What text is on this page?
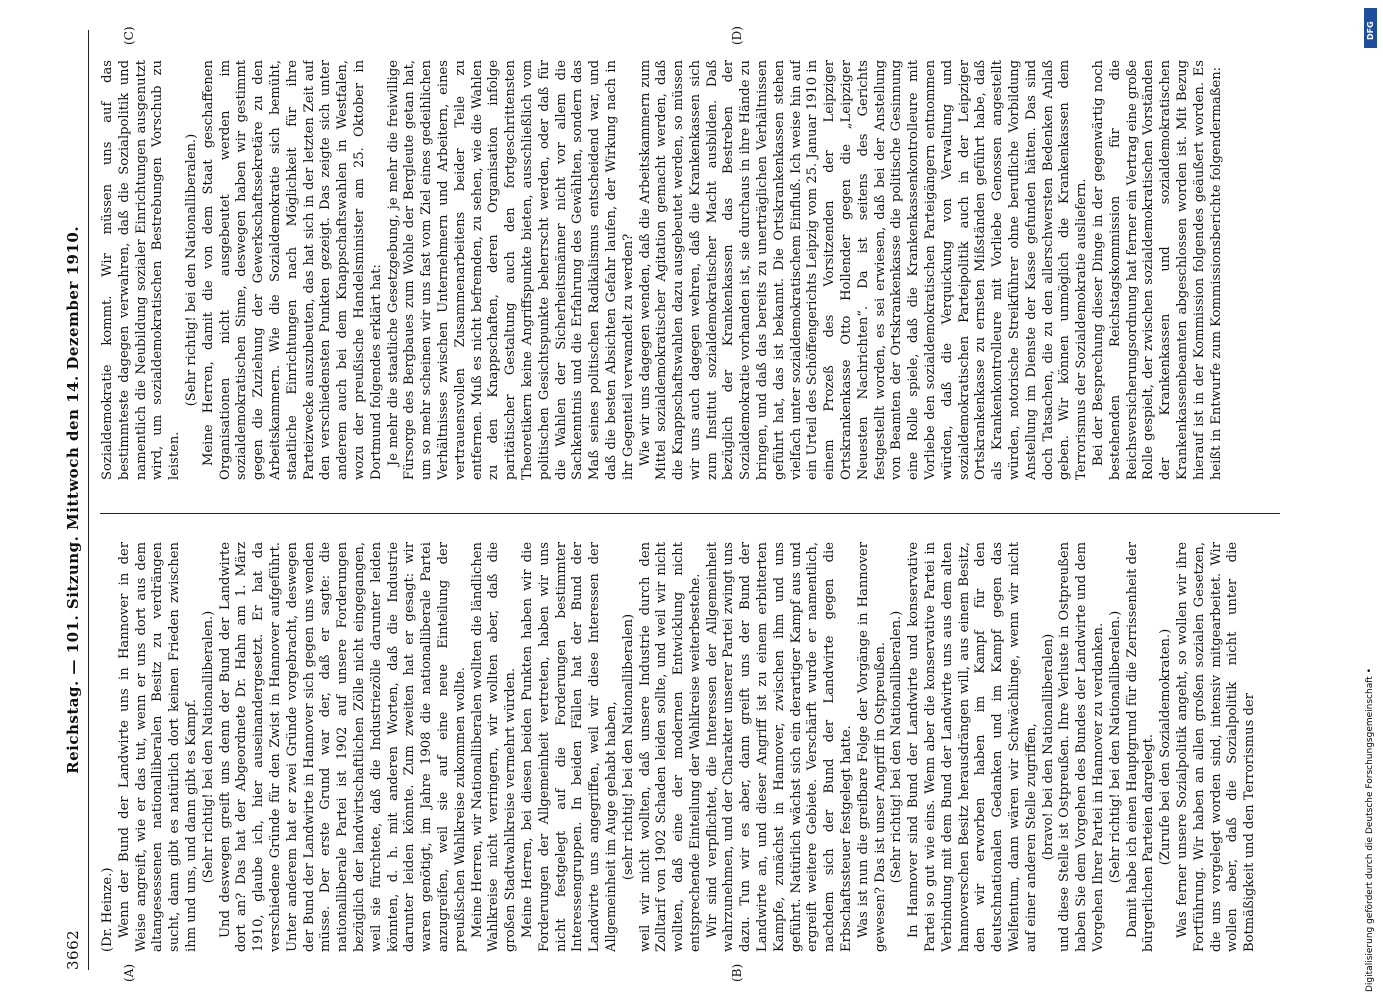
3662
Reichstag. — 101. Sitzung. Mittwoch den 14. Dezember 1910.
(A)	(B)
(C)	(D)

(Dr. Heinze.) Wenn der Bund der Landwirte uns in Hannover in der Weise angreift, wie er das tut, wenn er uns dort aus dem altangesessenen nationalliberalen Besitz zu verdrängen sucht, dann gibt es natürlich dort keinen Frieden zwischen ihm und uns, und dann gibt es Kampf. (Sehr richtig! bei den Nationalliberalen.) Und deswegen greift uns denn der Bund der Landwirte dort an? Das hat der Abgeordnete Dr. Hahn am 1. März 1910, glaube ich, hier auseinandergesetzt. Er hat da verschiedene Gründe für den Zwist in Hannover aufgeführt. Unter anderem hat er zwei Gründe vorgebracht, deswegen der Bund der Landwirte in Hannover sich gegen uns wenden müsse. Der erste Grund war der, daß er sagte: die nationalliberale Partei ist 1902 auf unsere Forderungen bezüglich der landwirtschaftlichen Zölle nicht eingegangen, weil sie fürchtete, daß die Industriezölle darunter leiden könnten, d. h. mit anderen Worten, daß die Industrie darunter leiden könnte. Zum zweiten hat er gesagt: wir waren genötigt, im Jahre 1908 die nationalliberale Partei anzugreifen, weil sie auf eine neue Einteilung der preußischen Wahlkreise zukommen wollte. Meine Herren, wir Nationalliberalen wollten die ländlichen Wahlkreise nicht verringern, wir wollten aber, daß die großen Stadtwahlkreise vermehrt würden. Meine Herren, bei diesen beiden Punkten haben wir die Forderungen der Allgemeinheit vertreten, haben wir uns nicht festgelegt auf die Forderungen bestimmter Interessengruppen. In beiden Fällen hat der Bund der Landwirte uns angegriffen, weil wir diese Interessen der Allgemeinheit im Auge gehabt haben, (sehr richtig! bei den Nationalliberalen) weil wir nicht wollten, daß unsere Industrie durch den Zolltarif von 1902 Schaden leiden sollte, und weil wir nicht wollten, daß eine der modernen Entwicklung nicht entsprechende Einteilung der Wahlkreise weiterbestehe. Wir sind verpflichtet, die Interessen der Allgemeinheit wahrzunehmen, und der Charakter unserer Partei zwingt uns dazu. Tun wir es aber, dann greift uns der Bund der Landwirte an, und dieser Angriff ist zu einem erbitterten Kampfe, zunächst in Hannover, zwischen ihm und uns geführt. Natürlich wächst sich ein derartiger Kampf aus und ergreift weitere Gebiete. Verschärft wurde er namentlich, nachdem sich der Bund der Landwirte gegen die Erbschaftssteuer festgelegt hatte. Was ist nun die greifbare Folge der Vorgänge in Hannover gewesen? Das ist unser Angriff in Ostpreußen. (Sehr richtig! bei den Nationalliberalen.) In Hannover sind Bund der Landwirte und konservative Partei so gut wie eins. Wenn aber die konservative Partei in Verbindung mit dem Bund der Landwirte uns aus dem alten hannoverschen Besitz herausdrängen will, aus einem Besitz, den wir erworben haben im Kampf für den deutschnationalen Gedanken und im Kampf gegen das Welfentum, dann wären wir Schwächlinge, wenn wir nicht auf einer anderen Stelle zugriffen, (bravo! bei den Nationalliberalen) und diese Stelle ist Ostpreußen. Ihre Verluste in Ostpreußen haben Sie dem Vorgehen des Bundes der Landwirte und dem Vorgehen Ihrer Partei in Hannover zu verdanken. (Sehr richtig! bei den Nationalliberalen.) Damit habe ich einen Hauptgrund für die Zerrissenheit der bürgerlichen Parteien dargelegt. (Zurufe bei den Sozialdemokraten.) Was ferner unsere Sozialpolitik angeht, so wollen wir ihre Fortführung. Wir haben an allen großen sozialen Gesetzen, die uns vorgelegt worden sind, intensiv mitgearbeitet. Wir wollen aber, daß die Sozialpolitik nicht unter die Botmäßigkeit und den Terrorismus der

Sozialdemokratie kommt. Wir müssen uns auf das bestimmteste dagegen verwahren, daß die Sozialpolitik und namentlich die Neubildung sozialer Einrichtungen ausgenutzt wird, um sozialdemokratischen Bestrebungen Vorschub zu leisten.

(Sehr richtig! bei den Nationalliberalen.) Meine Herren, damit die von dem Staat geschaffenen Organisationen nicht ausgebeutet werden im sozialdemokratischen Sinne, deswegen haben wir gestimmt gegen die Zuziehung der Gewerkschaftssekretäre zu den Arbeitskammern. Wie die Sozialdemokratie sich bemüht, staatliche Einrichtungen nach Möglichkeit für ihre Parteizwecke auszubeuten, das hat sich in der letzten Zeit auf den verschiedensten Punkten gezeigt. Das zeigte sich unter anderem auch bei dem Knappschaftswahlen in Westfalen, wozu der preußische Handelsminister am 25. Oktober in Dortmund folgendes erklärt hat: Je mehr die staatliche Gesetzgebung, je mehr die freiwillige Fürsorge des Bergbaues zum Wohle der Bergleute getan hat, um so mehr scheinen wir uns fast vom Ziel eines gedeihlichen Verhältnisses zwischen Unternehmern und Arbeitern, eines vertrauensvollen Zusammenarbeitens beider Teile zu entfernen. Muß es nicht befremden, zu sehen, wie die Wahlen zu den Knappschaften, deren Organisation infolge paritätischer Gestaltung auch den fortgeschrittensten Theoretikern keine Angriffspunkte bieten, ausschließlich vom politischen Gesichtspunkte beherrscht werden, oder daß für die Wahlen der Sicherheitsmänner nicht vor allem die Sachkenntnis und die Erfahrung des Gewählten, sondern das Maß seines politischen Radikalismus entscheidend war, und daß die besten Absichten Gefahr laufen, der Wirkung nach in ihr Gegenteil verwandelt zu werden? Wie wir uns dagegen wenden, daß die Arbeitskammern zum Mittel sozialdemokratischer Agitation gemacht werden, daß die Knappschaftswahlen dazu ausgebeutet werden, so müssen wir uns auch dagegen wehren, daß die Krankenkassen sich zum Institut sozialdemokratischer Macht ausbilden. Daß bezüglich der Krankenkassen das Bestreben der Sozialdemokratie vorhanden ist, sie durchaus in ihre Hände zu bringen, und daß das bereits zu unerträglichen Verhältnissen geführt hat, das ist bekannt. Die Ortskrankenkassen stehen vielfach unter sozialdemokratischem Einfluß. Ich weise hin auf ein Urteil des Schöffengerichts Leipzig vom 25. Januar 1910 in einem Prozeß des Vorsitzenden der Leipziger Ortskrankenkasse Otto Hollender gegen die „Leipziger Neuesten Nachrichten“. Da ist seitens des Gerichts festgestellt worden, es sei erwiesen, daß bei der Anstellung von Beamten der Ortskrankenkasse die politische Gesinnung eine Rolle spiele, daß die Krankenkassenkontrolleure mit Vorliebe den sozialdemokratischen Parteigängern entnommen würden, daß die Verquickung von Verwaltung und sozialdemokratischen Parteipolitik auch in der Leipziger Ortskrankenkasse zu ernsten Mißständen geführt habe, daß als Krankenkontrolleure mit Vorliebe Genossen angestellt würden, notorische Streikführer ohne berufliche Vorbildung Anstellung im Dienste der Kasse gefunden hätten. Das sind doch Tatsachen, die zu den allerschwersten Bedenken Anlaß geben. Wir können unmöglich die Krankenkassen dem Terrorismus der Sozialdemokratie ausliefern. Bei der Besprechung dieser Dinge in der gegenwärtig noch bestehenden Reichstagskommission für die Reichsversicherungsordnung hat ferner ein Vertrag eine große Rolle gespielt, der zwischen sozialdemokratischen Vorständen der Krankenkassen und sozialdemokratischen Krankenkassenbeamten abgeschlossen worden ist. Mit Bezug hierauf ist in der Kommission folgendes geäußert worden. Es heißt in Entwurfe zum Kommissionsberichte folgendermaßen:

DFG
Digitalisierung gefördert durch die Deutsche Forschungsgemeinschaft •
